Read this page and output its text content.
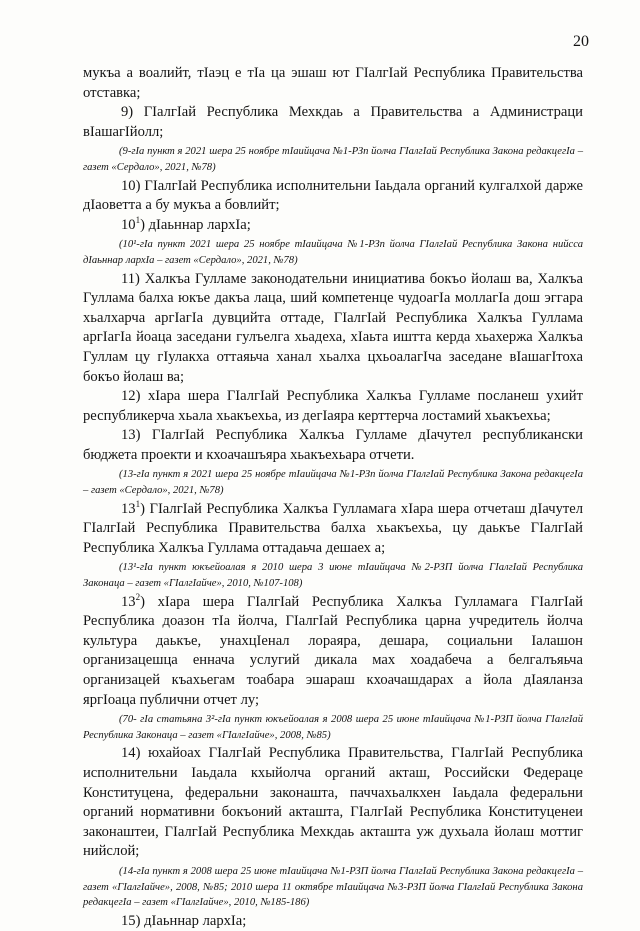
20

мукъа а воалийт, тӀаэц е тӀа ца эшаш ют ГӀалгӀай Республика Правительства отставка;

9) ГӀалгӀай Республика Мехкдаь а Правительства а Администраци вӀашагӀйолл;

(9-гӀа пункт я 2021 шера 25 ноябре тӀаийцача №1-РЗп йолча ГӀалгӀай Республика Закона редакцегӀа – газет «Сердало», 2021, №78)

10) ГӀалгӀай Республика исполнительни Іаьдала органий кулгалхой дарже дӀаоветта а бу мукъа а бовлийт;

$10^1$) дӀаьннар лархӀа;

(10¹-гӀа пункт 2021 шера 25 ноябре тӀаийцача №1-РЗп йолча ГӀалгӀай Республика Закона нийсса дӀаьннар лархӀа – газет «Сердало», 2021, №78)

11) Халкъа Гулламе законодательни инициатива бокъо йолаш ва, Халкъа Гуллама балха юкъе дакъа лаца, ший компетенце чудоагӀа моллагӀа дош эггара хьалхарча аргӀагӀа дувцийта оттаде, ГӀалгӀай Республика Халкъа Гуллама аргӀагӀа йоаца заседани гулъелга хьадеха, хӀаьта иштта керда хьахержа Халкъа Гуллам цу гӀулакха оттаяьча ханал хьалха цхьоалагӀча заседане вӀашагӀтоха бокъо йолаш ва;

12) хӀара шера ГӀалгӀай Республика Халкъа Гулламе посланеш ухийт республикерча хьала хьакъехьа, из дегӀаяра керттерча лостамий хьакъехьа;

13) ГӀалгӀай Республика Халкъа Гулламе дӀачутел республикански бюджета проекти и кхоачашъяра хьакъехьара отчети.

(13-гӀа пункт я 2021 шера 25 ноябре тӀаийцача №1-РЗп йолча ГӀалгӀай Республика Закона редакцегӀа – газет «Сердало», 2021, №78)

$13^1$) ГӀалгӀай Республика Халкъа Гулламага хӀара шера отчеташ дӀачутел ГӀалгӀай Республика Правительства балха хьакъехьа, цу даькъе ГӀалгӀай Республика Халкъа Гуллама оттадаьча дешаех а;

(13¹-гӀа пункт юкъейоалая я 2010 шера 3 июне тӀаийцача №2-РЗП йолча ГӀалгӀай Республика Законаца – газет «ГӀалгӀайче», 2010, №107-108)

$13^2$) хӀара шера ГӀалгӀай Республика Халкъа Гулламага ГӀалгӀай Республика доазон тӀа йолча, ГӀалгӀай Республика царна учредитель йолча культура даькъе, унахцӀенал лораяра, дешара, социальни Іалашон организацешца еннача услугий дикала мах хоадабеча а белгалъяьча организацей къахьегам тоабара эшараш кхоачашдарах а йола дӀаяланза яргӀоаца публични отчет лу;

(70- гӀа статьяна 3²-гӀа пункт юкъейоалая я 2008 шера 25 июне тӀаийцача №1-РЗП йолча ГӀалгӀай Республика Законаца – газет «ГӀалгӀайче», 2008, №85)

14) юхайоах ГӀалгӀай Республика Правительства, ГӀалгӀай Республика исполнительни Іаьдала кхыйолча органий акташ, Российски Федераце Конституцена, федеральни законашта, паччахьалкхен Іаьдала федеральни органий нормативни бокъоний акташта, ГӀалгӀай Республика Конституценеи законаштеи, ГӀалгӀай Республика Мехкдаь акташта уж духьала йолаш моттиг нийслой;

(14-гӀа пункт я 2008 шера 25 июне тӀаийцача №1-РЗП йолча ГӀалгӀай Республика Закона редакцегӀа – газет «ГӀалгӀайче», 2008, №85; 2010 шера 11 октябре тӀаийцача №3-РЗП йолча ГӀалгӀай Республика Закона редакцегӀа – газет «ГӀалгӀайче», 2010, №185-186)

15) дӀаьннар лархӀа;
